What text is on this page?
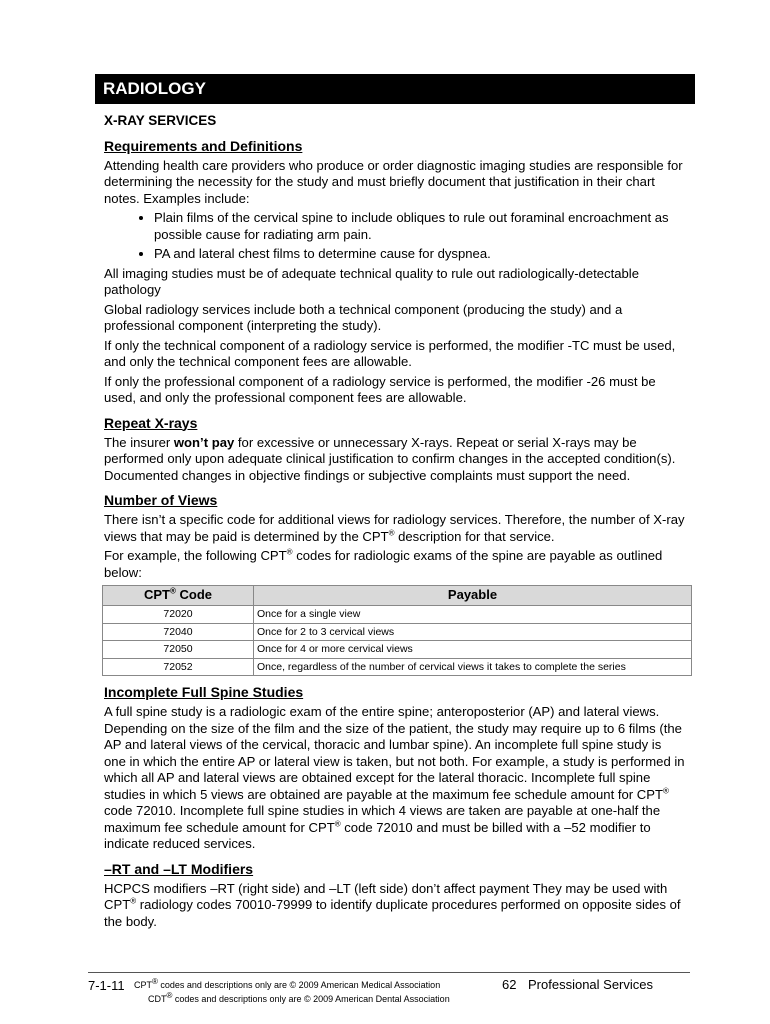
RADIOLOGY
X-RAY SERVICES
Requirements and Definitions

Attending health care providers who produce or order diagnostic imaging studies are responsible for determining the necessity for the study and must briefly document that justification in their chart notes. Examples include:

• Plain films of the cervical spine to include obliques to rule out foraminal encroachment as possible cause for radiating arm pain.
• PA and lateral chest films to determine cause for dyspnea.

All imaging studies must be of adequate technical quality to rule out radiologically-detectable pathology

Global radiology services include both a technical component (producing the study) and a professional component (interpreting the study).

If only the technical component of a radiology service is performed, the modifier -TC must be used, and only the technical component fees are allowable.

If only the professional component of a radiology service is performed, the modifier -26 must be used, and only the professional component fees are allowable.

Repeat X-rays

The insurer won’t pay for excessive or unnecessary X-rays. Repeat or serial X-rays may be performed only upon adequate clinical justification to confirm changes in the accepted condition(s). Documented changes in objective findings or subjective complaints must support the need.

Number of Views

There isn’t a specific code for additional views for radiology services. Therefore, the number of X-ray views that may be paid is determined by the CPT® description for that service.

For example, the following CPT® codes for radiologic exams of the spine are payable as outlined below:

CPT® Code	Payable
72020	Once for a single view
72040	Once for 2 to 3 cervical views
72050	Once for 4 or more cervical views
72052	Once, regardless of the number of cervical views it takes to complete the series
Incomplete Full Spine Studies

A full spine study is a radiologic exam of the entire spine; anteroposterior (AP) and lateral views. Depending on the size of the film and the size of the patient, the study may require up to 6 films (the AP and lateral views of the cervical, thoracic and lumbar spine). An incomplete full spine study is one in which the entire AP or lateral view is taken, but not both. For example, a study is performed in which all AP and lateral views are obtained except for the lateral thoracic. Incomplete full spine studies in which 5 views are obtained are payable at the maximum fee schedule amount for CPT® code 72010. Incomplete full spine studies in which 4 views are taken are payable at one-half the maximum fee schedule amount for CPT® code 72010 and must be billed with a –52 modifier to indicate reduced services.

–RT and –LT Modifiers

HCPCS modifiers –RT (right side) and –LT (left side) don’t affect payment They may be used with CPT® radiology codes 70010-79999 to identify duplicate procedures performed on opposite sides of the body.

7-1-11 CPT® codes and descriptions only are © 2009 American Medical Association
CDT® codes and descriptions only are © 2009 American Dental Association
62 Professional Services
